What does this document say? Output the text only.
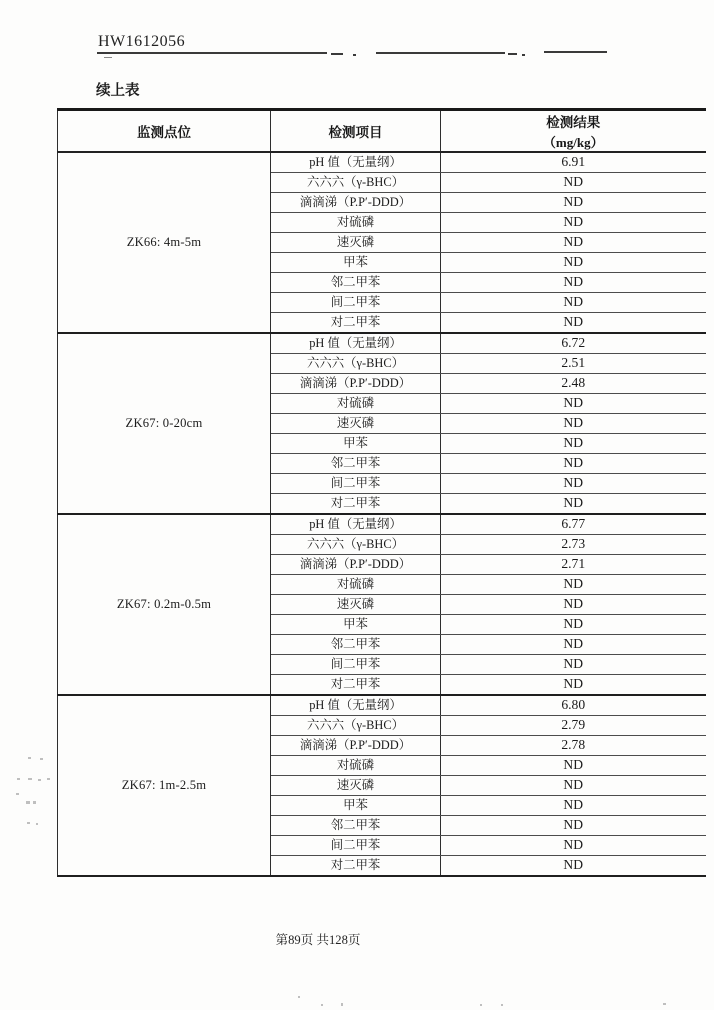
HW1612056
续上表
监测点位	检测项目	检测结果
（mg/kg）

ZK66: 4m-5m	pH 值（无量纲）	6.91
	六六六（γ-BHC）	ND
	滴滴涕（P.P′-DDD）	ND
	对硫磷	ND
	速灭磷	ND
	甲苯	ND
	邻二甲苯	ND
	间二甲苯	ND
	对二甲苯	ND
ZK67: 0-20cm	pH 值（无量纲）	6.72
	六六六（γ-BHC）	2.51
	滴滴涕（P.P′-DDD）	2.48
	对硫磷	ND
	速灭磷	ND
	甲苯	ND
	邻二甲苯	ND
	间二甲苯	ND
	对二甲苯	ND
ZK67: 0.2m-0.5m	pH 值（无量纲）	6.77
	六六六（γ-BHC）	2.73
	滴滴涕（P.P′-DDD）	2.71
	对硫磷	ND
	速灭磷	ND
	甲苯	ND
	邻二甲苯	ND
	间二甲苯	ND
	对二甲苯	ND
ZK67: 1m-2.5m	pH 值（无量纲）	6.80
	六六六（γ-BHC）	2.79
	滴滴涕（P.P′-DDD）	2.78
	对硫磷	ND
	速灭磷	ND
	甲苯	ND
	邻二甲苯	ND
	间二甲苯	ND
	对二甲苯	ND
第89页 共128页
